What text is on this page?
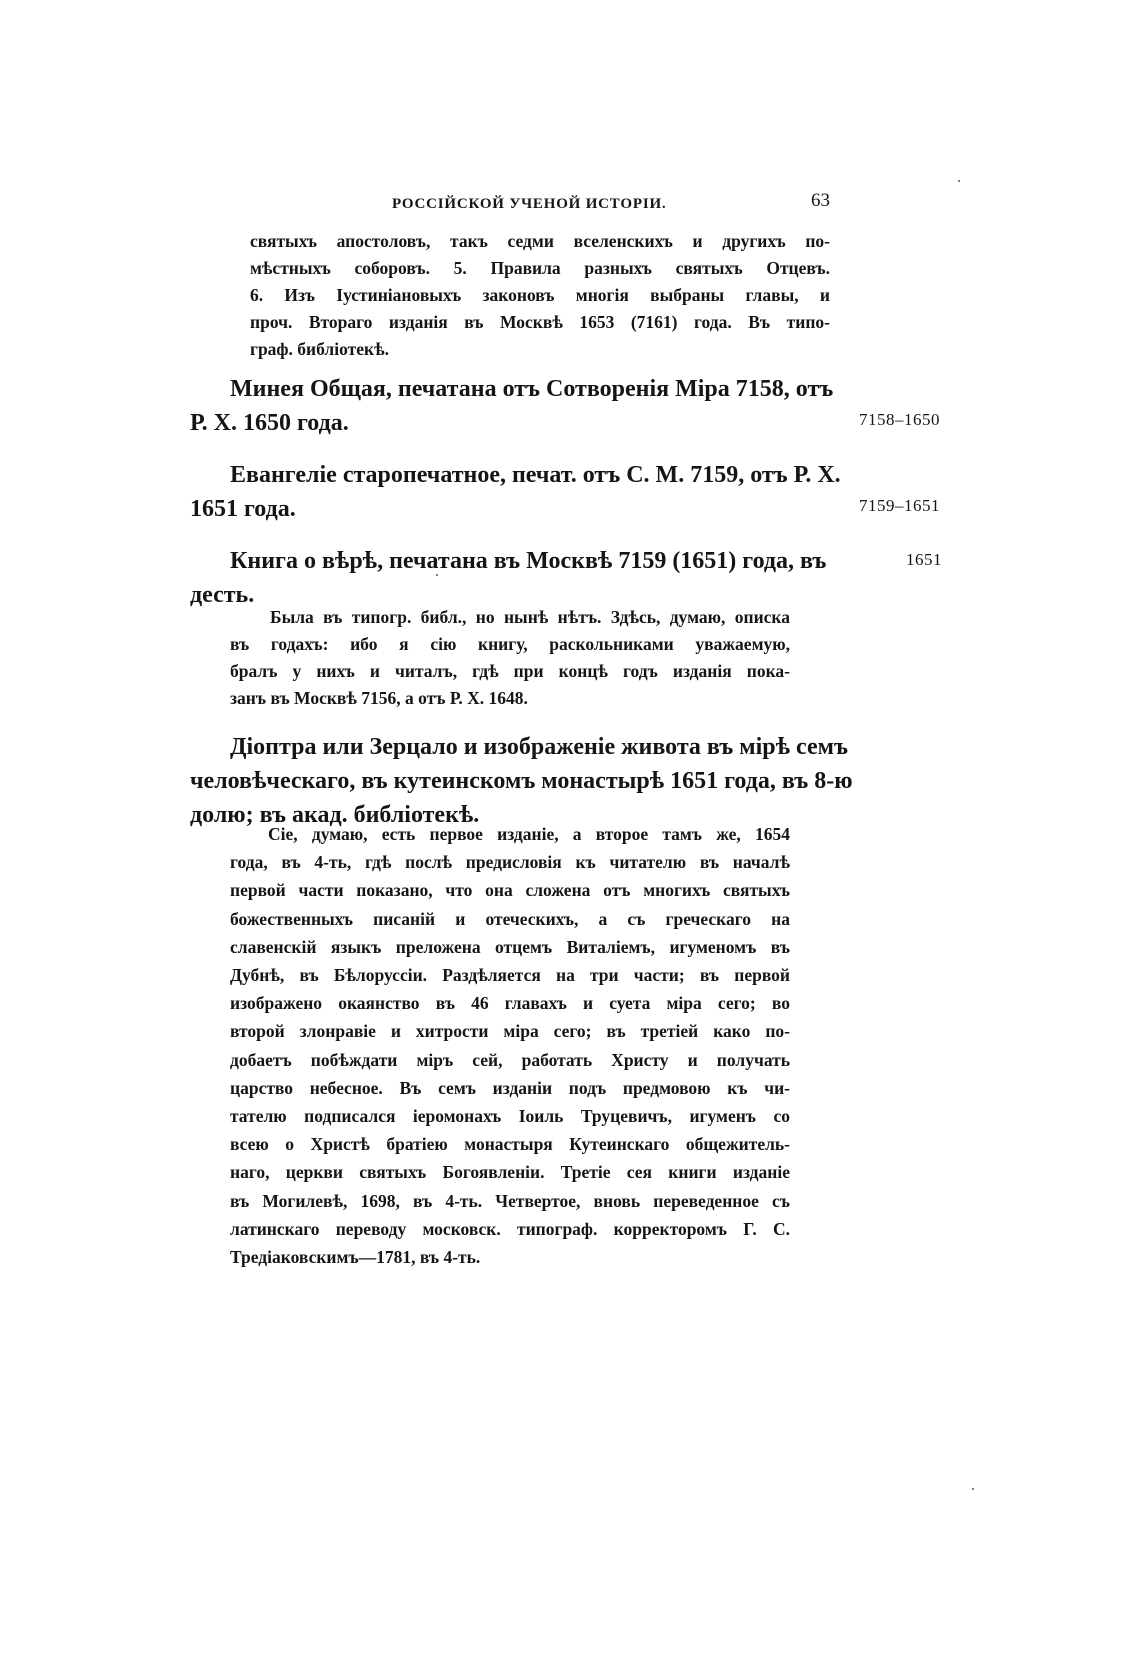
РОССІЙСКОЙ УЧЕНОЙ ИСТОРІИ.	63
святыхъ апостоловъ, такъ седми вселенскихъ и другихъ по-
мѣстныхъ соборовъ. 5. Правила разныхъ святыхъ Отцевъ.
6. Изъ Іустиніановыхъ законовъ многія выбраны главы, и
проч. Втораго изданія въ Москвѣ 1653 (7161) года. Въ типо-
граф. библіотекѣ.
Минея Общая, печатана отъ Сотворенія Міра 7158, отъ
Р. Х. 1650 года.	7158–1650
Евангеліе старопечатное, печат. отъ С. М. 7159, отъ Р. Х.
1651 года.	7159–1651
Книга о вѣрѣ, печатана въ Москвѣ 7159 (1651) года, въ
десть.
1651
Была въ типогр. библ., но нынѣ нѣтъ. Здѣсь, думаю, описка
въ годахъ: ибо я сію книгу, раскольниками уважаемую,
бралъ у нихъ и читалъ, гдѣ при концѣ годъ изданія пока-
занъ въ Москвѣ 7156, а отъ Р. Х. 1648.
Діоптра или Зерцало и изображеніе живота въ мірѣ семъ
человѣческаго, въ кутеинскомъ монастырѣ 1651 года, въ 8-ю
долю; въ акад. библіотекѣ.
Сіе, думаю, есть первое изданіе, а второе тамъ же, 1654
года, въ 4-ть, гдѣ послѣ предисловія къ читателю въ началѣ
первой части показано, что она сложена отъ многихъ святыхъ
божественныхъ писаній и отеческихъ, а съ греческаго на
славенскій языкъ преложена отцемъ Виталіемъ, игуменомъ въ
Дубнѣ, въ Бѣлоруссіи. Раздѣляется на три части; въ первой
изображено окаянство въ 46 главахъ и суета міра сего; во
второй злонравіе и хитрости міра сего; въ третіей како по-
добаетъ побѣждати міръ сей, работать Христу и получать
царство небесное. Въ семъ изданіи подъ предмовою къ чи-
тателю подписался іеромонахъ Іоиль Труцевичъ, игуменъ со
всею о Христѣ братіею монастыря Кутеинскаго общежитель-
наго, церкви святыхъ Богоявленіи. Третіе сея книги изданіе
въ Могилевѣ, 1698, въ 4-ть. Четвертое, вновь переведенное съ
латинскаго переводу московск. типограф. корректоромъ Г. С.
Тредіаковскимъ—1781, въ 4-ть.
